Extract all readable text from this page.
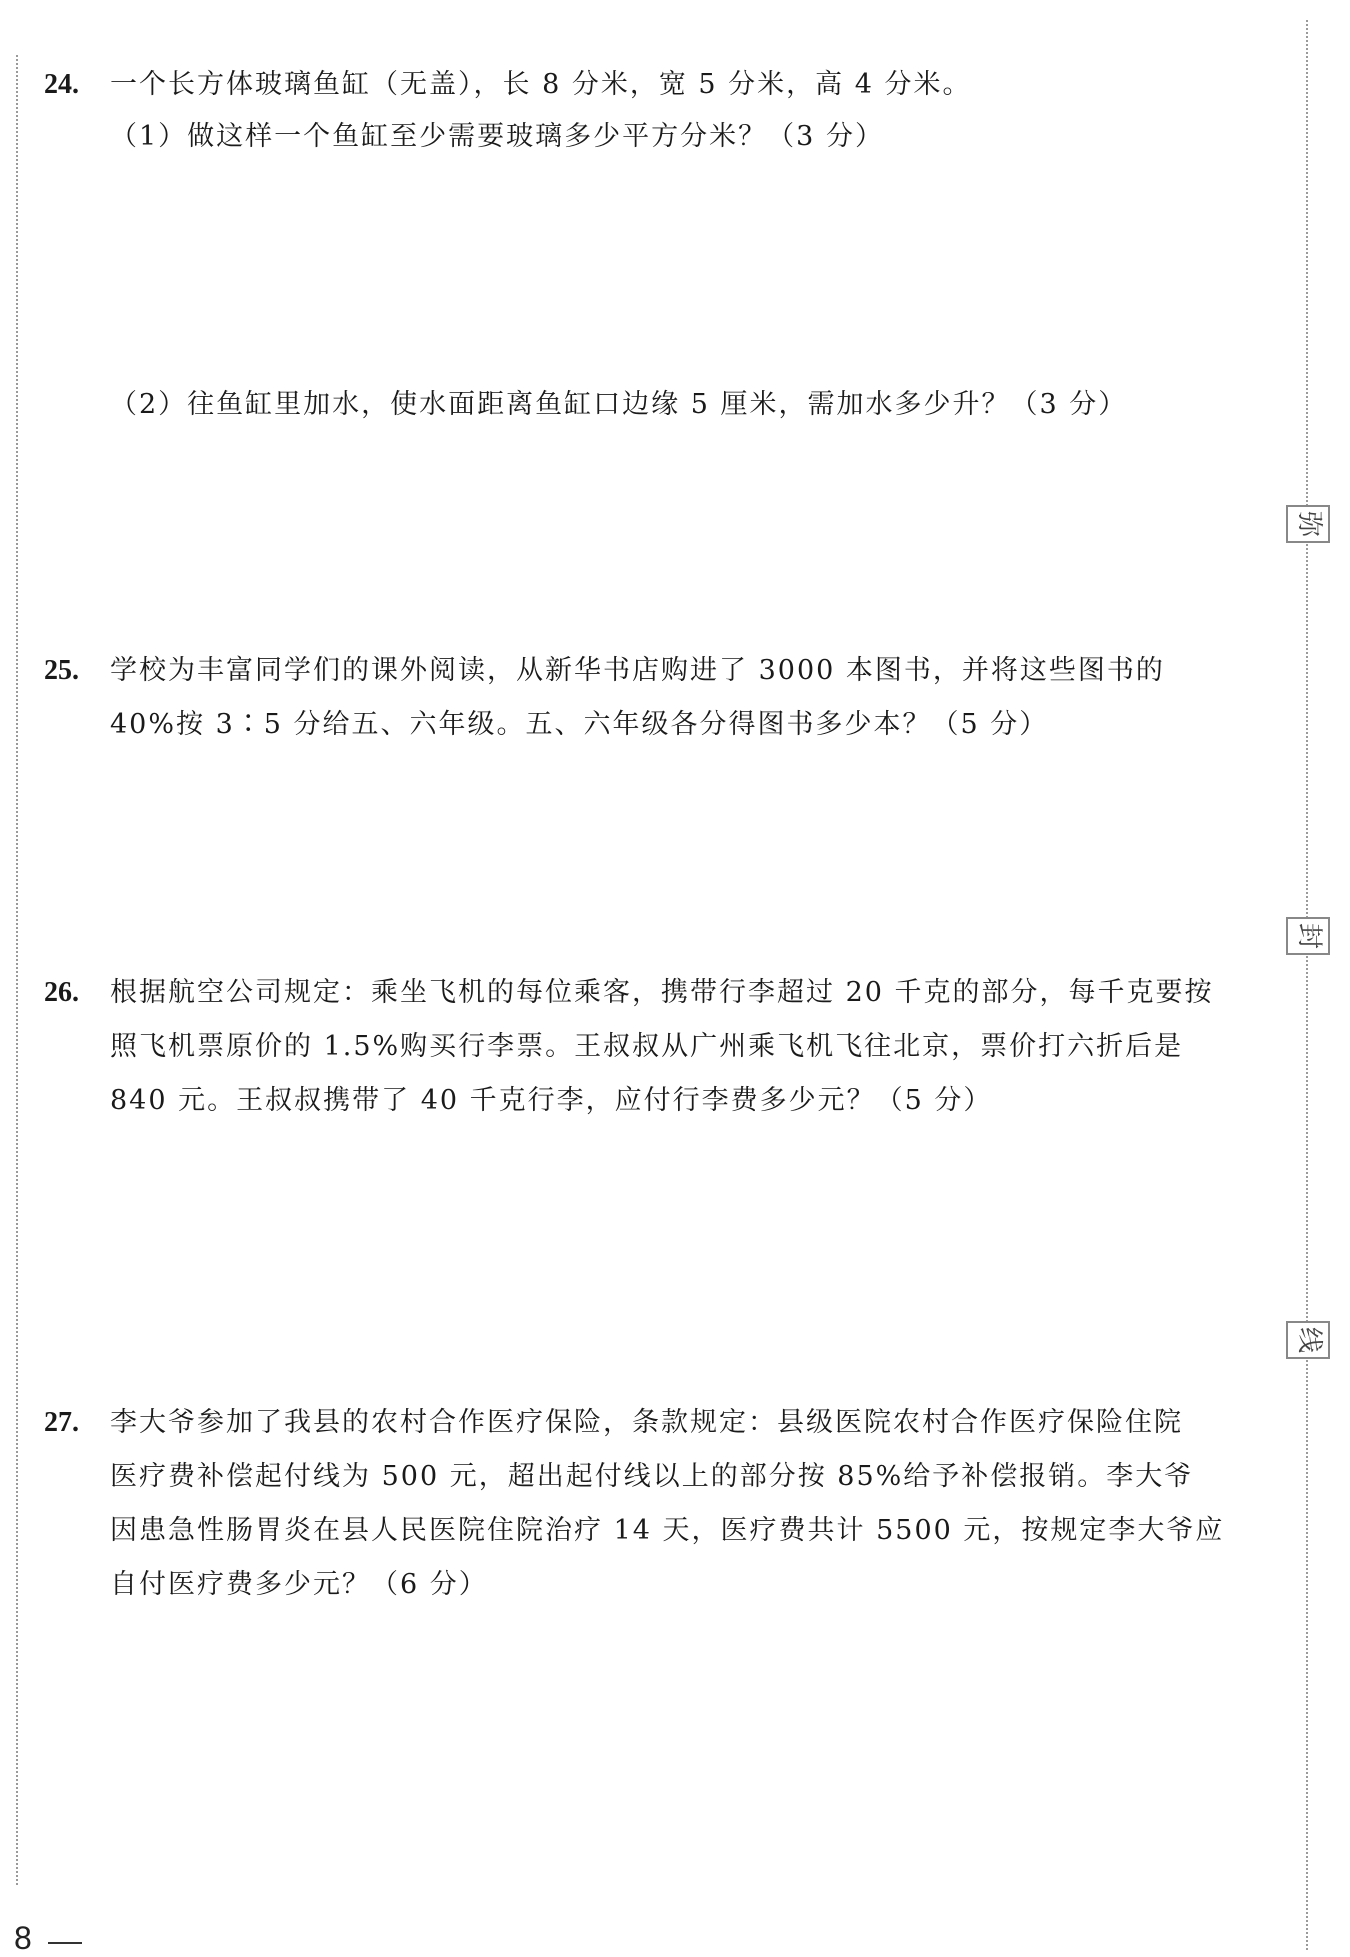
弥
封
线
24. 一个长方体玻璃鱼缸（无盖），长 8 分米，宽 5 分米，高 4 分米。
（1）做这样一个鱼缸至少需要玻璃多少平方分米？（3 分）
（2）往鱼缸里加水，使水面距离鱼缸口边缘 5 厘米，需加水多少升？（3 分）
25. 学校为丰富同学们的课外阅读，从新华书店购进了 3000 本图书，并将这些图书的
40%按 3∶5 分给五、六年级。五、六年级各分得图书多少本？（5 分）
26. 根据航空公司规定：乘坐飞机的每位乘客，携带行李超过 20 千克的部分，每千克要按
照飞机票原价的 1.5%购买行李票。王叔叔从广州乘飞机飞往北京，票价打六折后是
840 元。王叔叔携带了 40 千克行李，应付行李费多少元？（5 分）
27. 李大爷参加了我县的农村合作医疗保险，条款规定：县级医院农村合作医疗保险住院
医疗费补偿起付线为 500 元，超出起付线以上的部分按 85%给予补偿报销。李大爷
因患急性肠胃炎在县人民医院住院治疗 14 天，医疗费共计 5500 元，按规定李大爷应
自付医疗费多少元？（6 分）
8
